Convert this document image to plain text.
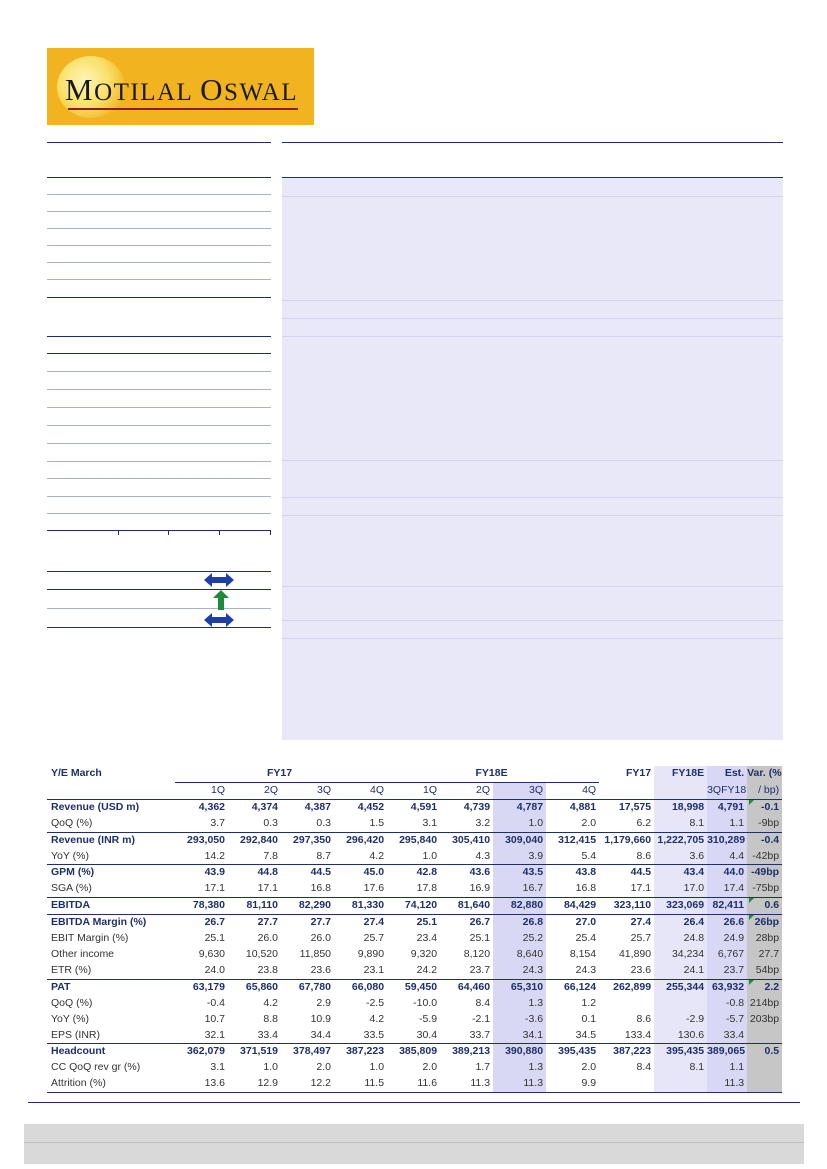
MOTILAL OSWAL
Y/E March	FY17				FY18E				FY17	FY18E	Est.	Var. (%
	1Q	2Q	3Q	4Q	1Q	2Q	3Q	4Q			3QFY18	/ bp)
Revenue (USD m)	4,362	4,374	4,387	4,452	4,591	4,739	4,787	4,881	17,575	18,998	4,791	-0.1
QoQ (%)	3.7	0.3	0.3	1.5	3.1	3.2	1.0	2.0	6.2	8.1	1.1	-9bp
Revenue (INR m)	293,050	292,840	297,350	296,420	295,840	305,410	309,040	312,415	1,179,660	1,222,705	310,289	-0.4
YoY (%)	14.2	7.8	8.7	4.2	1.0	4.3	3.9	5.4	8.6	3.6	4.4	-42bp
GPM (%)	43.9	44.8	44.5	45.0	42.8	43.6	43.5	43.8	44.5	43.4	44.0	-49bp
SGA (%)	17.1	17.1	16.8	17.6	17.8	16.9	16.7	16.8	17.1	17.0	17.4	-75bp
EBITDA	78,380	81,110	82,290	81,330	74,120	81,640	82,880	84,429	323,110	323,069	82,411	0.6
EBITDA Margin (%)	26.7	27.7	27.7	27.4	25.1	26.7	26.8	27.0	27.4	26.4	26.6	26bp
EBIT Margin (%)	25.1	26.0	26.0	25.7	23.4	25.1	25.2	25.4	25.7	24.8	24.9	28bp
Other income	9,630	10,520	11,850	9,890	9,320	8,120	8,640	8,154	41,890	34,234	6,767	27.7
ETR (%)	24.0	23.8	23.6	23.1	24.2	23.7	24.3	24.3	23.6	24.1	23.7	54bp
PAT	63,179	65,860	67,780	66,080	59,450	64,460	65,310	66,124	262,899	255,344	63,932	2.2
QoQ (%)	-0.4	4.2	2.9	-2.5	-10.0	8.4	1.3	1.2			-0.8	214bp
YoY (%)	10.7	8.8	10.9	4.2	-5.9	-2.1	-3.6	0.1	8.6	-2.9	-5.7	203bp
EPS (INR)	32.1	33.4	34.4	33.5	30.4	33.7	34.1	34.5	133.4	130.6	33.4	
Headcount	362,079	371,519	378,497	387,223	385,809	389,213	390,880	395,435	387,223	395,435	389,065	0.5
CC QoQ rev gr (%)	3.1	1.0	2.0	1.0	2.0	1.7	1.3	2.0	8.4	8.1	1.1	
Attrition (%)	13.6	12.9	12.2	11.5	11.6	11.3	11.3	9.9			11.3	
